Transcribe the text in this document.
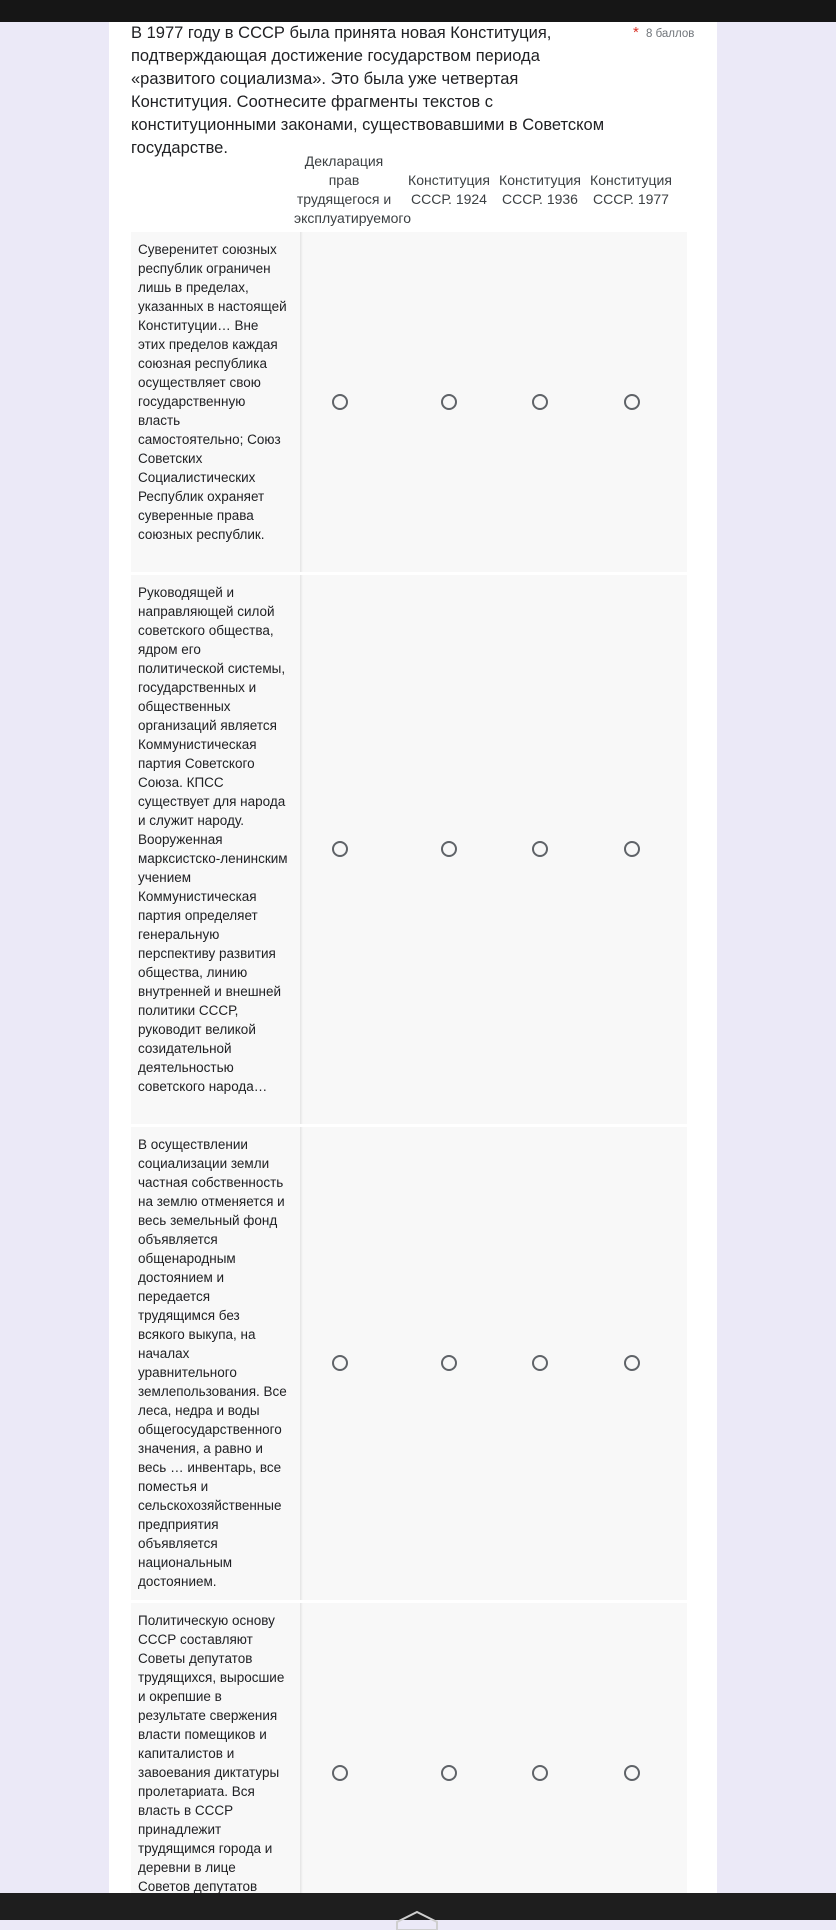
В 1977 году в СССР была принята новая Конституция, подтверждающая достижение государством периода «развитого социализма». Это была уже четвертая Конституция. Соотнесите фрагменты текстов с конституционными законами, существовавшими в Советском государстве.
* 8 баллов
Декларация прав трудящегося и эксплуатируемого
Конституция СССР. 1924
Конституция СССР. 1936
Конституция СССР. 1977
Суверенитет союзных республик ограничен лишь в пределах, указанных в настоящей Конституции… Вне этих пределов каждая союзная республика осуществляет свою государственную власть самостоятельно; Союз Советских Социалистических Республик охраняет суверенные права союзных республик.
Руководящей и направляющей силой советского общества, ядром его политической системы, государственных и общественных организаций является Коммунистическая партия Советского Союза. КПСС существует для народа и служит народу. Вооруженная марксистско-ленинским учением Коммунистическая партия определяет генеральную перспективу развития общества, линию внутренней и внешней политики СССР, руководит великой созидательной деятельностью советского народа…
В осуществлении социализации земли частная собственность на землю отменяется и весь земельный фонд объявляется общенародным достоянием и передается трудящимся без всякого выкупа, на началах уравнительного землепользования. Все леса, недра и воды общегосударственного значения, а равно и весь … инвентарь, все поместья и сельскохозяйственные предприятия объявляется национальным достоянием.
Политическую основу СССР составляют Советы депутатов трудящихся, выросшие и окрепшие в результате свержения власти помещиков и капиталистов и завоевания диктатуры пролетариата. Вся власть в СССР принадлежит трудящимся города и деревни в лице Советов депутатов
